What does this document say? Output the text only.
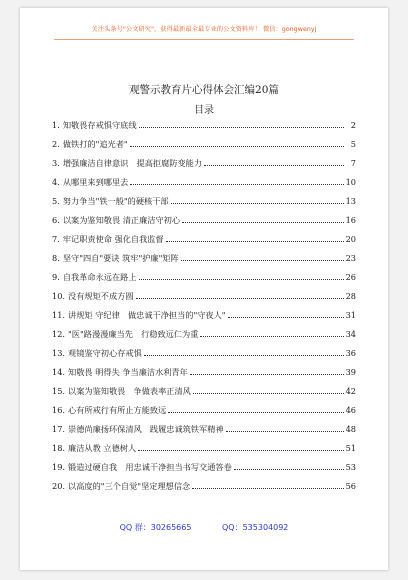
关注头条号"公文研究"，获得最新最全最专业的公文资料库！ 微信：gongwenyj
观警示教育片心得体会汇编20篇
目录
1. 知敬畏存戒惧守底线	2
2. 做铁打的"追光者"	5
3. 增强廉洁自律意识　提高拒腐防变能力	7
4. 从哪里来到哪里去	10
5. 努力争当"铁一般"的硬核干部	13
6. 以案为鉴知敬畏 清正廉洁守初心	16
7. 牢记职责使命 强化自我监督	20
8. 坚守"四自"要诀 筑牢"护廉"矩阵	23
9. 自我革命永远在路上	26
10. 没有规矩不成方圆	28
11. 讲规矩 守纪律　做忠诚干净担当的"守夜人"	31
12. "医"路漫漫廉当先　行稳致远仁为重	34
13. 观镜鉴守初心存戒惧	36
14. 知敬畏 明得失 争当廉洁水利青年	39
15. 以案为鉴知敬畏　争做表率正清风	42
16. 心有所戒行有所止方能致远	46
17. 崇德尚廉扬环保清风　践履忠诚筑铁军精神	48
18. 廉洁从教 立德树人	51
19. 锻造过硬自我　用忠诚干净担当书写交通答卷	53
20. 以高度的"三个自觉"坚定理想信念	56
QQ 群：30265665	QQ：535304092
